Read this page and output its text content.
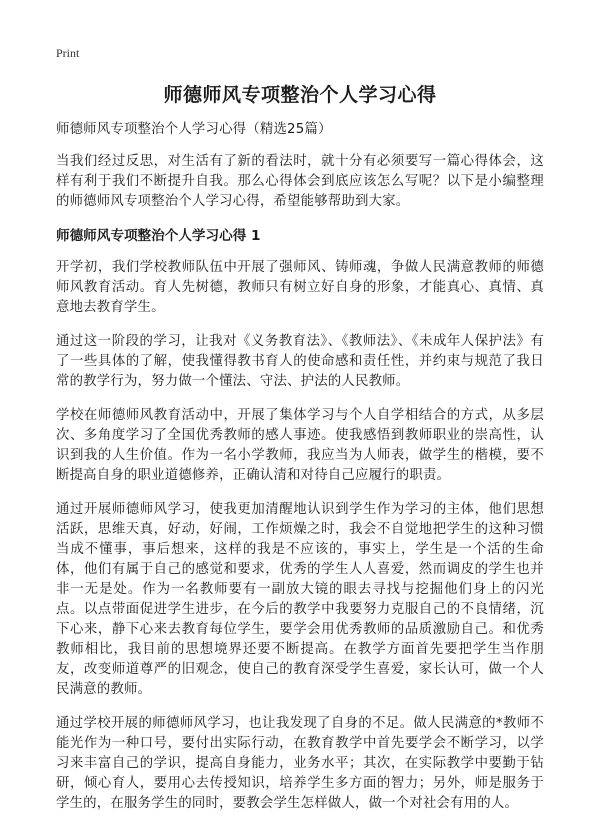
Print
师德师风专项整治个人学习心得

师德师风专项整治个人学习心得（精选25篇）

当我们经过反思，对生活有了新的看法时，就十分有必须要写一篇心得体会，这样有利于我们不断提升自我。那么心得体会到底应该怎么写呢？以下是小编整理的师德师风专项整治个人学习心得，希望能够帮助到大家。

师德师风专项整治个人学习心得 1

开学初，我们学校教师队伍中开展了强师风、铸师魂，争做人民满意教师的师德师风教育活动。育人先树德，教师只有树立好自身的形象，才能真心、真情、真意地去教育学生。

通过这一阶段的学习，让我对《义务教育法》、《教师法》、《未成年人保护法》有了一些具体的了解，使我懂得教书育人的使命感和责任性，并约束与规范了我日常的教学行为，努力做一个懂法、守法、护法的人民教师。

学校在师德师风教育活动中，开展了集体学习与个人自学相结合的方式，从多层次、多角度学习了全国优秀教师的感人事迹。使我感悟到教师职业的崇高性，认识到我的人生价值。作为一名小学教师，我应当为人师表，做学生的楷模，要不断提高自身的职业道德修养，正确认清和对待自己应履行的职责。

通过开展师德师风学习，使我更加清醒地认识到学生作为学习的主体，他们思想活跃，思维天真，好动，好闹，工作烦燥之时，我会不自觉地把学生的这种习惯当成不懂事，事后想来，这样的我是不应该的，事实上，学生是一个活的生命体，他们有属于自己的感觉和要求，优秀的学生人人喜爱，然而调皮的学生也并非一无是处。作为一名教师要有一副放大镜的眼去寻找与挖掘他们身上的闪光点。以点带面促进学生进步，在今后的教学中我要努力克服自己的不良情绪，沉下心来，静下心来去教育每位学生，要学会用优秀教师的品质激励自己。和优秀教师相比，我目前的思想境界还要不断提高。在教学方面首先要把学生当作朋友，改变师道尊严的旧观念，使自己的教育深受学生喜爱，家长认可，做一个人民满意的教师。

通过学校开展的师德师风学习，也让我发现了自身的不足。做人民满意的*教师不能光作为一种口号，要付出实际行动，在教育教学中首先要学会不断学习，以学习来丰富自己的学识，提高自身能力，业务水平；其次，在实际教学中要勤于钻研，倾心育人，要用心去传授知识，培养学生多方面的智力；另外，师是服务于学生的，在服务学生的同时，要教会学生怎样做人，做一个对社会有用的人。
